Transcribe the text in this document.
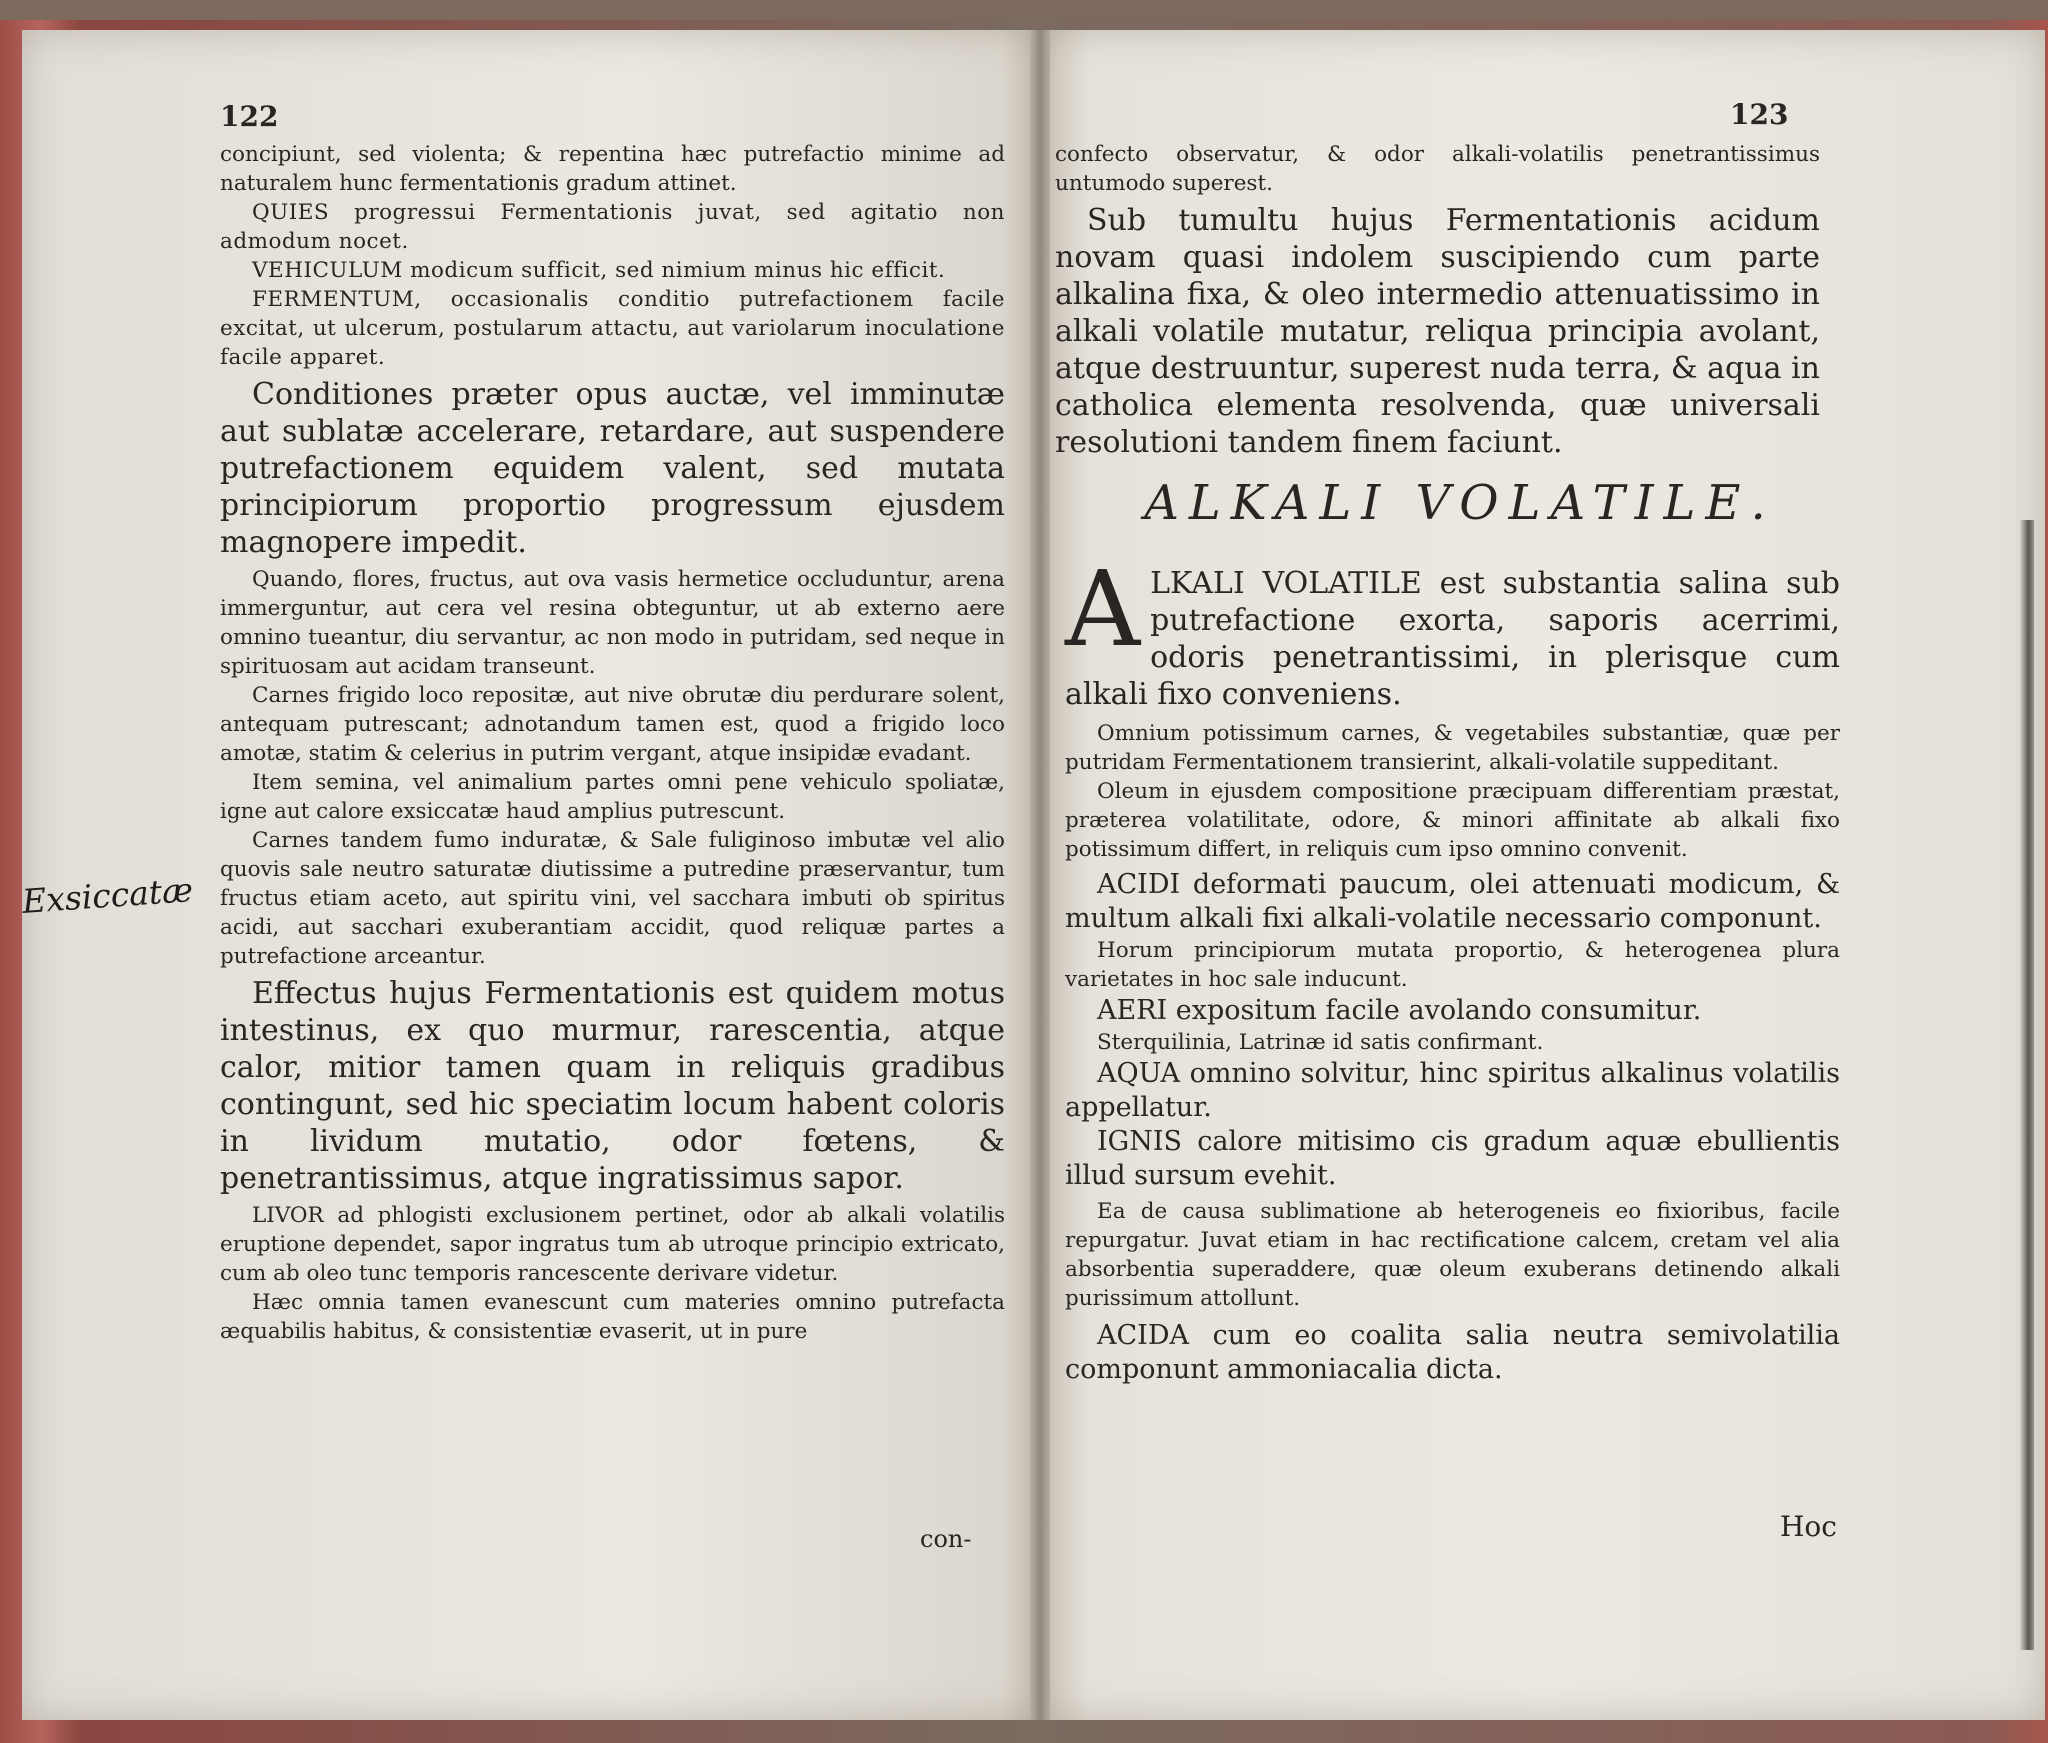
122

concipiunt, sed violenta; & repentina hæc putrefactio minime ad naturalem hunc fermentationis gradum attinet.

QUIES progressui Fermentationis juvat, sed agitatio non admodum nocet.

VEHICULUM modicum sufficit, sed nimium minus hic efficit.

FERMENTUM, occasionalis conditio putrefactionem facile excitat, ut ulcerum, postularum attactu, aut variolarum inoculatione facile apparet.

Conditiones præter opus auctæ, vel imminutæ aut sublatæ accelerare, retardare, aut suspendere putrefactionem equidem valent, sed mutata principiorum proportio progressum ejusdem magnopere impedit.

Quando, flores, fructus, aut ova vasis hermetice occluduntur, arena immerguntur, aut cera vel resina obteguntur, ut ab externo aere omnino tueantur, diu servantur, ac non modo in putridam, sed neque in spirituosam aut acidam transeunt.

Carnes frigido loco repositæ, aut nive obrutæ diu perdurare solent, antequam putrescant; adnotandum tamen est, quod a frigido loco amotæ, statim & celerius in putrim vergant, atque insipidæ evadant.

Item semina, vel animalium partes omni pene vehiculo spoliatæ, igne aut calore exsiccatæ haud amplius putrescunt.

Carnes tandem fumo induratæ, & Sale fuliginoso imbutæ vel alio quovis sale neutro saturatæ diutissime a putredine præservantur, tum fructus etiam aceto, aut spiritu vini, vel sacchara imbuti ob spiritus acidi, aut sacchari exuberantiam accidit, quod reliquæ partes a putrefactione arceantur.

Effectus hujus Fermentationis est quidem motus intestinus, ex quo murmur, rarescentia, atque calor, mitior tamen quam in reliquis gradibus contingunt, sed hic speciatim locum habent coloris in lividum mutatio, odor fœtens, & penetrantissimus, atque ingratissimus sapor.

LIVOR ad phlogisti exclusionem pertinet, odor ab alkali volatilis eruptione dependet, sapor ingratus tum ab utroque principio extricato, cum ab oleo tunc temporis rancescente derivare videtur.

Hæc omnia tamen evanescunt cum materies omnino putrefacta æquabilis habitus, & consistentiæ evaserit, ut in pure

con-
Exsiccatæ
123

confecto observatur, & odor alkali-volatilis penetrantissimus untumodo superest.

Sub tumultu hujus Fermentationis acidum novam quasi indolem suscipiendo cum parte alkalina fixa, & oleo intermedio attenuatissimo in alkali volatile mutatur, reliqua principia avolant, atque destruuntur, superest nuda terra, & aqua in catholica elementa resolvenda, quæ universali resolutioni tandem finem faciunt.

ALKALI VOLATILE.

ALKALI VOLATILE est substantia salina sub putrefactione exorta, saporis acerrimi, odoris penetrantissimi, in plerisque cum alkali fixo conveniens.

Omnium potissimum carnes, & vegetabiles substantiæ, quæ per putridam Fermentationem transierint, alkali-volatile suppeditant.

Oleum in ejusdem compositione præcipuam differentiam præstat, præterea volatilitate, odore, & minori affinitate ab alkali fixo potissimum differt, in reliquis cum ipso omnino convenit.

ACIDI deformati paucum, olei attenuati modicum, & multum alkali fixi alkali-volatile necessario componunt.

Horum principiorum mutata proportio, & heterogenea plura varietates in hoc sale inducunt.

AERI expositum facile avolando consumitur.

Sterquilinia, Latrinæ id satis confirmant.

AQUA omnino solvitur, hinc spiritus alkalinus volatilis appellatur.

IGNIS calore mitisimo cis gradum aquæ ebullientis illud sursum evehit.

Ea de causa sublimatione ab heterogeneis eo fixioribus, facile repurgatur. Juvat etiam in hac rectificatione calcem, cretam vel alia absorbentia superaddere, quæ oleum exuberans detinendo alkali purissimum attollunt.

ACIDA cum eo coalita salia neutra semivolatilia componunt ammoniacalia dicta.

Hoc
